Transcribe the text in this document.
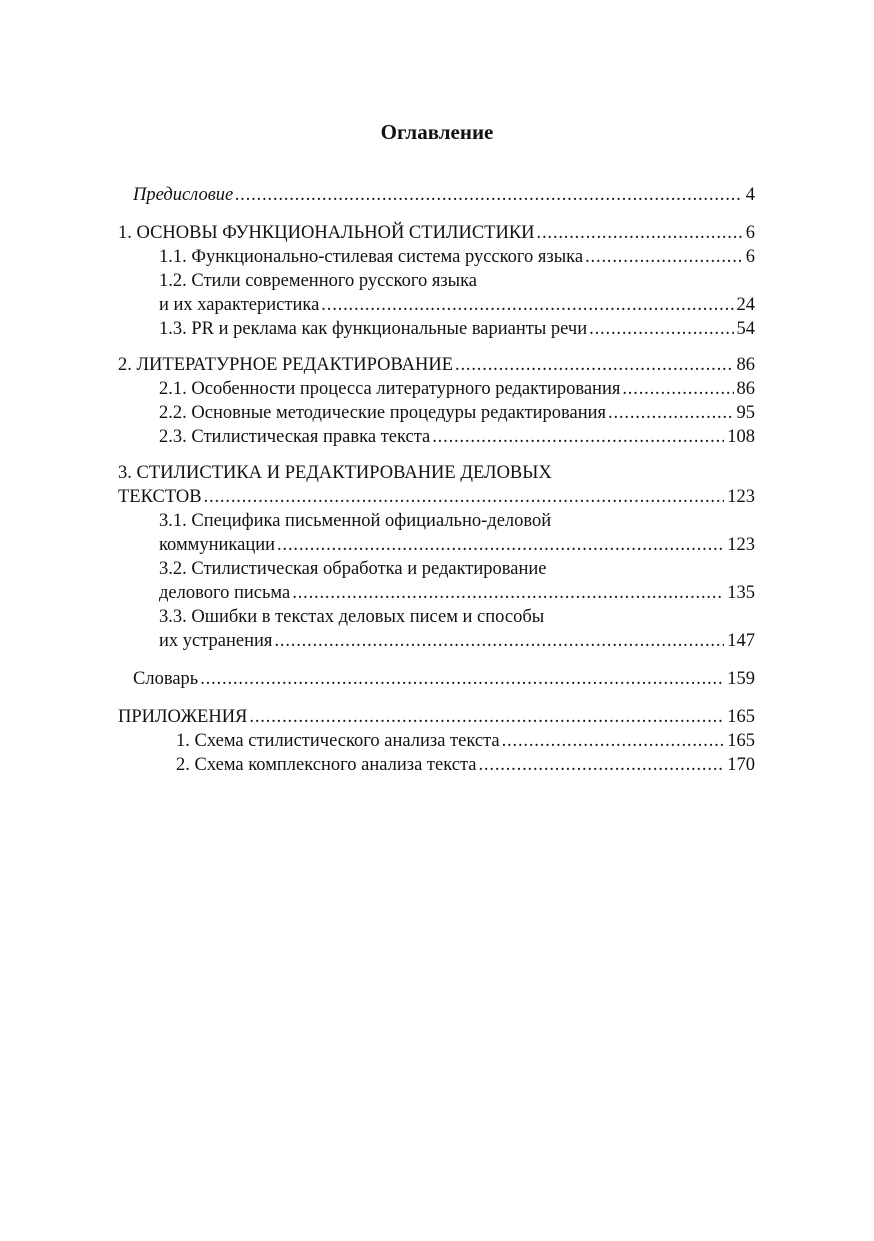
Оглавление
Предисловие . . .	4
1. ОСНОВЫ ФУНКЦИОНАЛЬНОЙ СТИЛИСТИКИ . . .	6
1.1. Функционально-стилевая система русского языка . . .	6
1.2. Стили современного русского языка
и их характеристика . . .	24
1.3. PR и реклама как функциональные варианты речи . . .	54
2. ЛИТЕРАТУРНОЕ РЕДАКТИРОВАНИЕ . . .	86
2.1. Особенности процесса литературного редактирования . . .	86
2.2. Основные методические процедуры редактирования . . .	95
2.3. Стилистическая правка текста . . .	108
3. СТИЛИСТИКА И РЕДАКТИРОВАНИЕ ДЕЛОВЫХ
ТЕКСТОВ . . .	123
3.1. Специфика письменной официально-деловой
коммуникации . . .	123
3.2. Стилистическая обработка и редактирование
делового письма . . .	135
3.3. Ошибки в текстах деловых писем и способы
их устранения . . .	147
Словарь . . .	159
ПРИЛОЖЕНИЯ . . .	165
1. Схема стилистического анализа текста . . .	165
2. Схема комплексного анализа текста . . .	170
